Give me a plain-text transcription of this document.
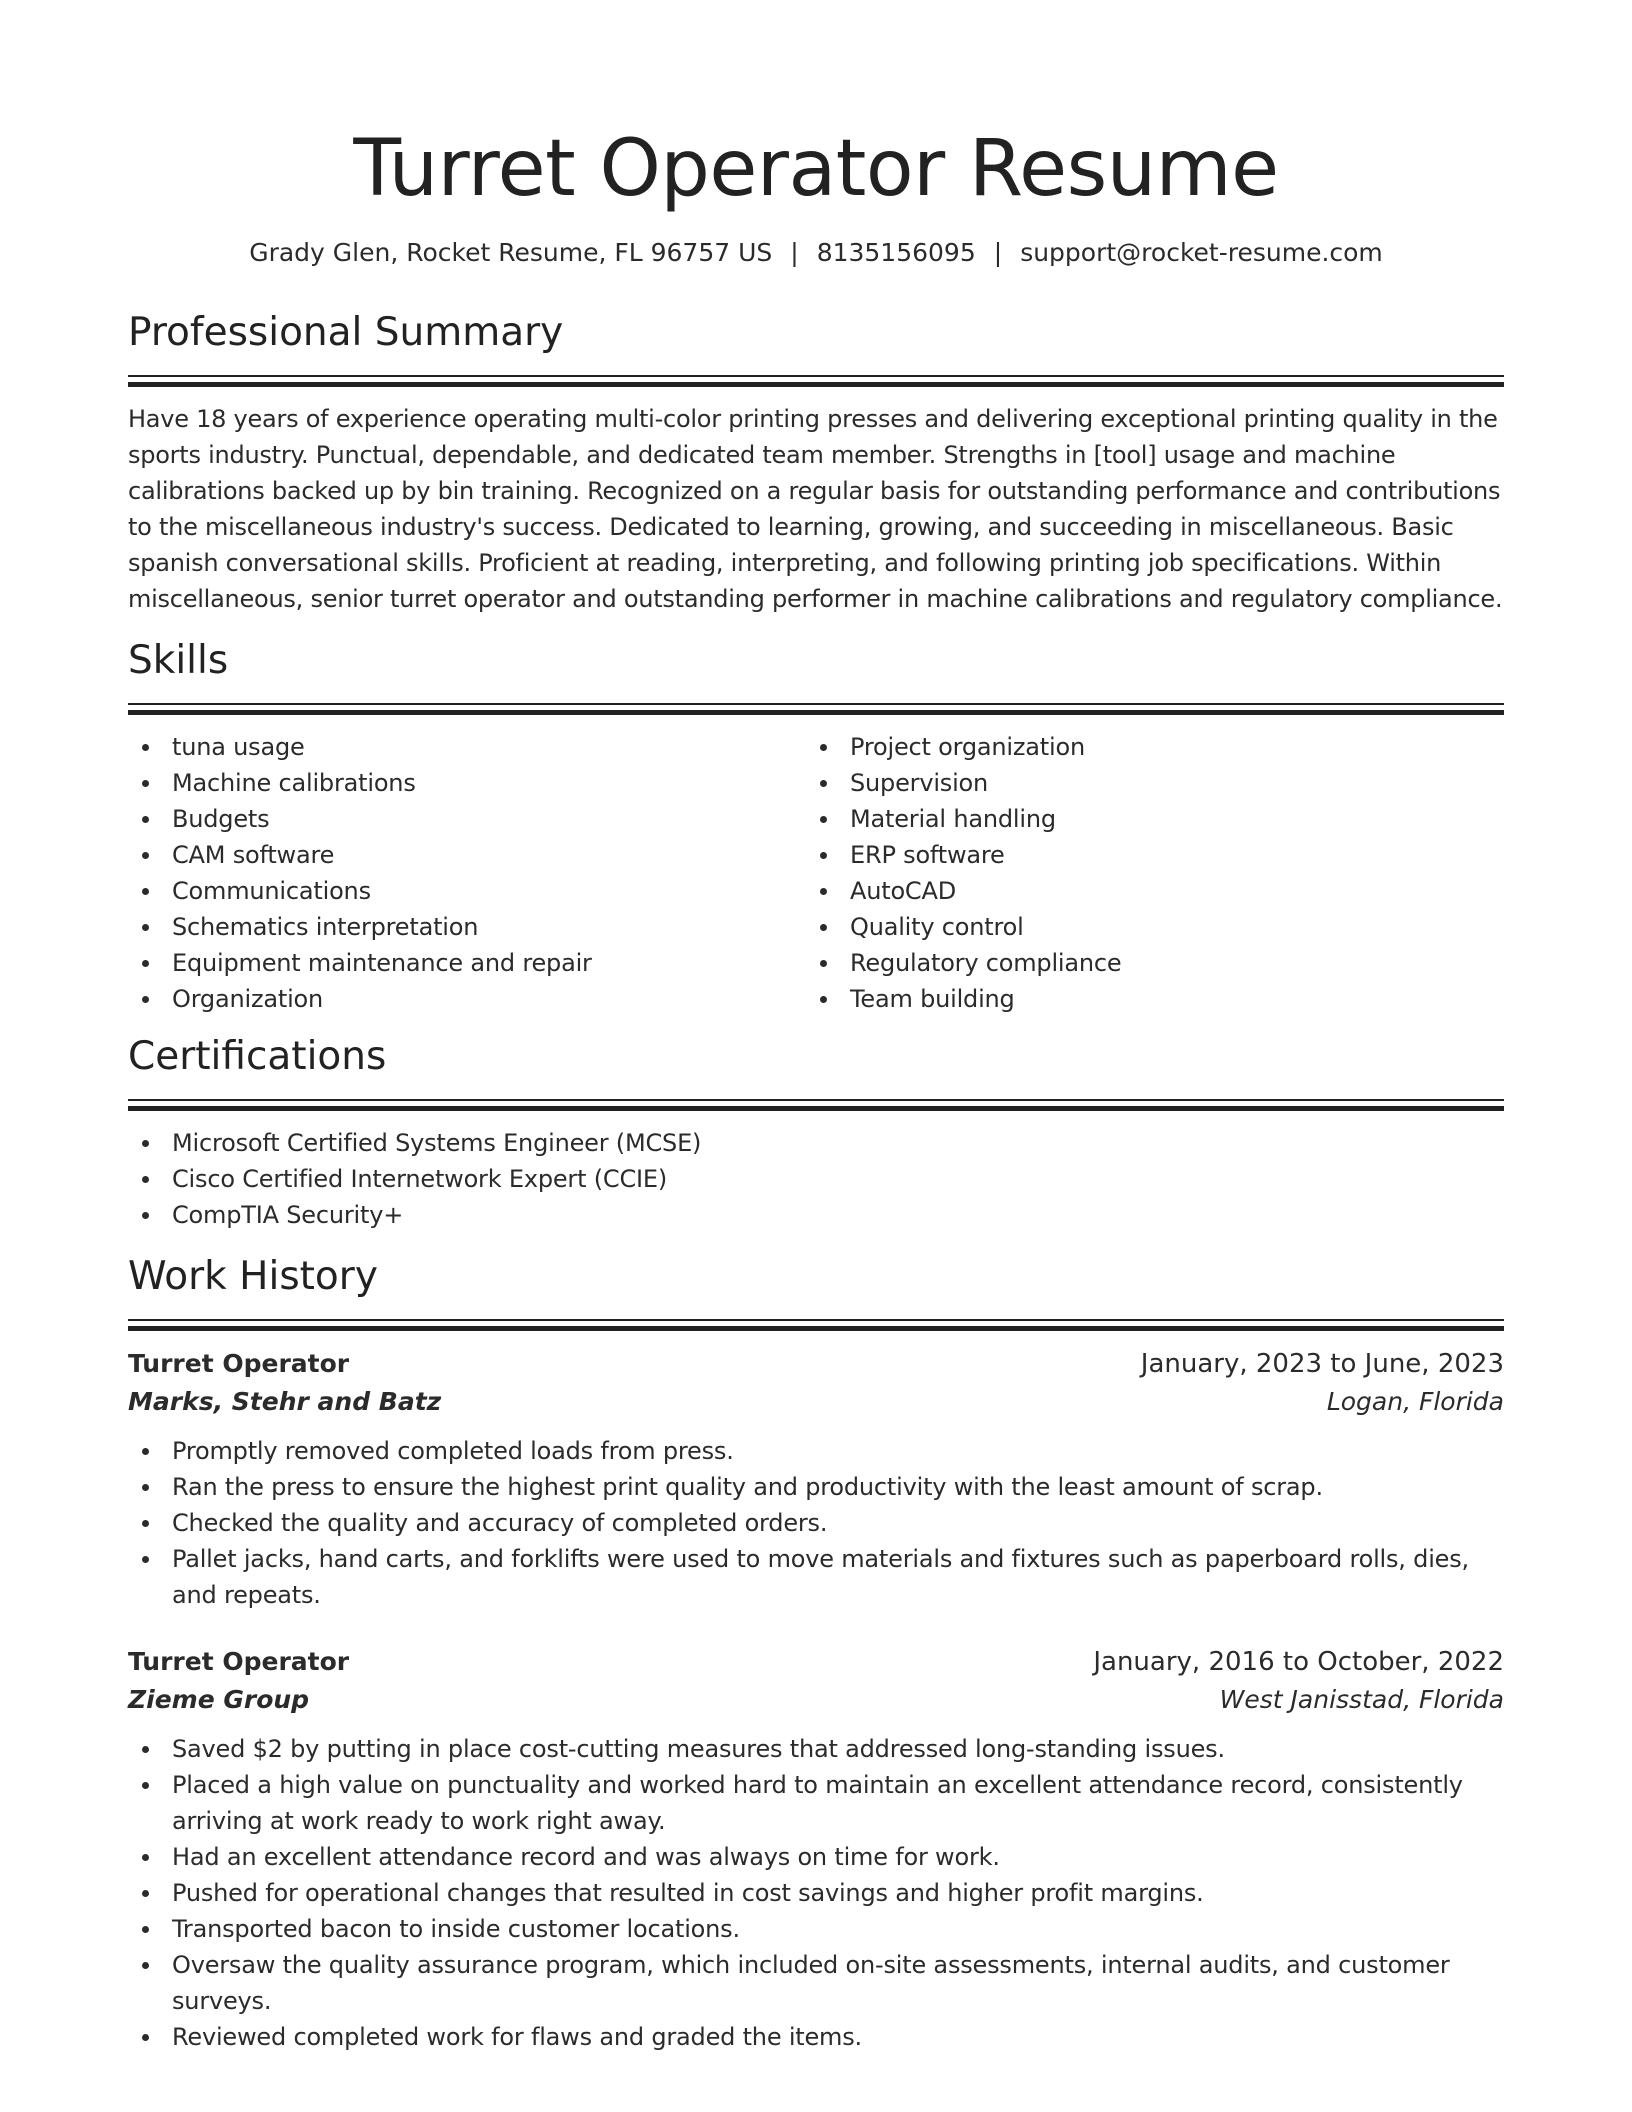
Turret Operator Resume
Grady Glen, Rocket Resume, FL 96757 US | 8135156095 | support@rocket-resume.com
Professional Summary

Have 18 years of experience operating multi-color printing presses and delivering exceptional printing quality in the sports industry. Punctual, dependable, and dedicated team member. Strengths in [tool] usage and machine calibrations backed up by bin training. Recognized on a regular basis for outstanding performance and contributions to the miscellaneous industry's success. Dedicated to learning, growing, and succeeding in miscellaneous. Basic spanish conversational skills. Proficient at reading, interpreting, and following printing job specifications. Within miscellaneous, senior turret operator and outstanding performer in machine calibrations and regulatory compliance.

Skills
tuna usage
Machine calibrations
Budgets
CAM software
Communications
Schematics interpretation
Equipment maintenance and repair
Organization
Project organization
Supervision
Material handling
ERP software
AutoCAD
Quality control
Regulatory compliance
Team building
Certifications
Microsoft Certified Systems Engineer (MCSE)
Cisco Certified Internetwork Expert (CCIE)
CompTIA Security+
Work History
Turret Operator	January, 2023 to June, 2023
Marks, Stehr and Batz	Logan, Florida
Promptly removed completed loads from press.
Ran the press to ensure the highest print quality and productivity with the least amount of scrap.
Checked the quality and accuracy of completed orders.
Pallet jacks, hand carts, and forklifts were used to move materials and fixtures such as paperboard rolls, dies, and repeats.
Turret Operator	January, 2016 to October, 2022
Zieme Group	West Janisstad, Florida
Saved $2 by putting in place cost-cutting measures that addressed long-standing issues.
Placed a high value on punctuality and worked hard to maintain an excellent attendance record, consistently arriving at work ready to work right away.
Had an excellent attendance record and was always on time for work.
Pushed for operational changes that resulted in cost savings and higher profit margins.
Transported bacon to inside customer locations.
Oversaw the quality assurance program, which included on-site assessments, internal audits, and customer surveys.
Reviewed completed work for flaws and graded the items.
